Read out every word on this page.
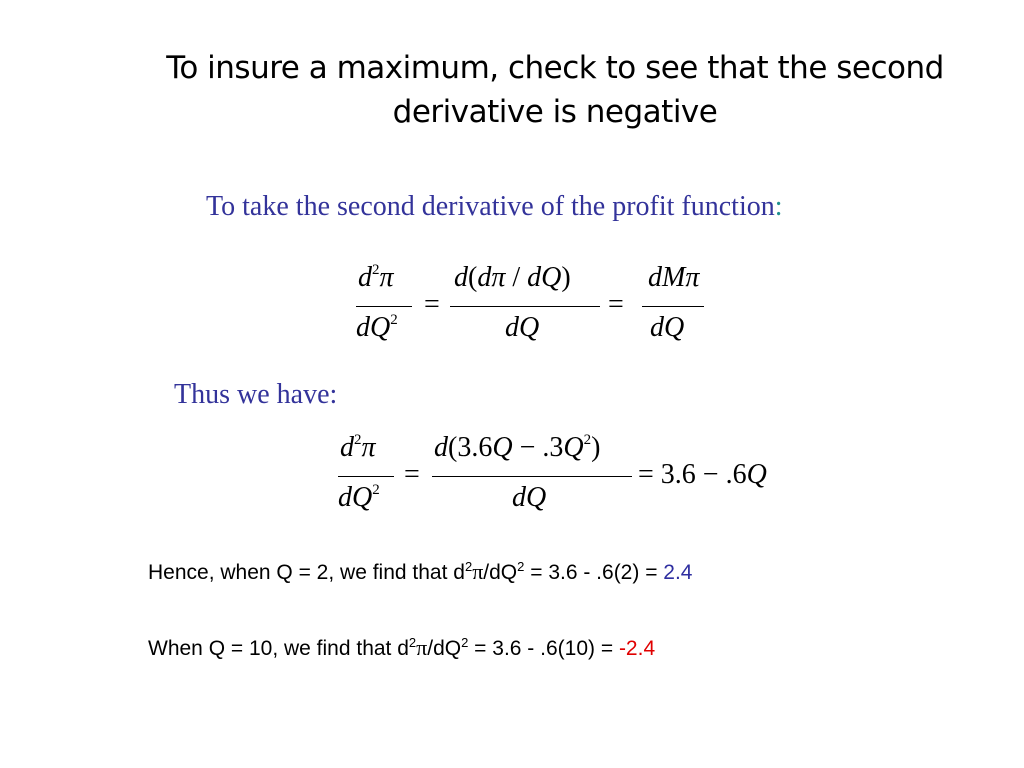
To insure a maximum, check to see that the second derivative is negative
To take the second derivative of the profit function:
d2π
dQ2 =
d(dπ / dQ)
dQ
=
dMπ
dQ
Thus we have:
d2π
dQ2 =
d(3.6Q − .3Q2)
dQ
= 3.6 − .6Q
Hence, when Q = 2, we find that $d^2\pi/dQ^2 = 3.6 - .6(2) = 2.4$
When Q = 10, we find that $d^2\pi/dQ^2 = 3.6 - .6(10) = -2.4$
